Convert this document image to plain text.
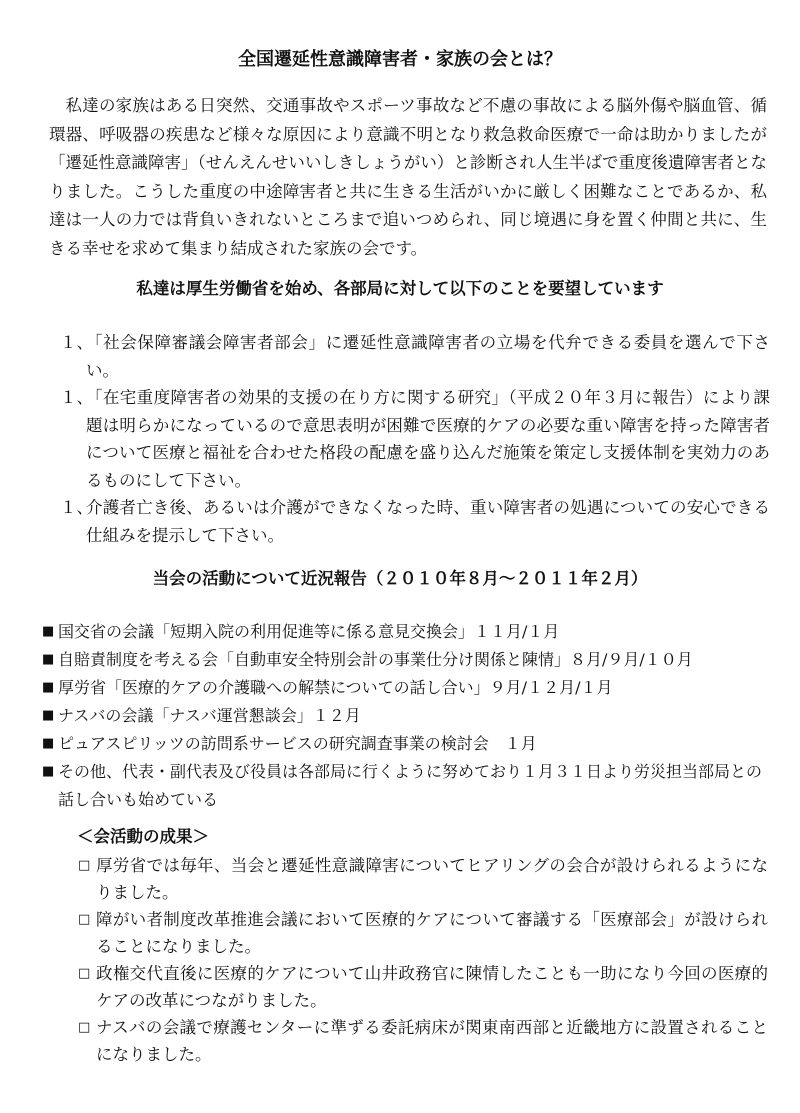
全国遷延性意識障害者・家族の会とは？

私達の家族はある日突然、交通事故やスポーツ事故など不慮の事故による脳外傷や脳血管、循環器、呼吸器の疾患など様々な原因により意識不明となり救急救命医療で一命は助かりましたが「遷延性意識障害」（せんえんせいいしきしょうがい）と診断され人生半ばで重度後遺障害者となりました。こうした重度の中途障害者と共に生きる生活がいかに厳しく困難なことであるか、私達は一人の力では背負いきれないところまで追いつめられ、同じ境遇に身を置く仲間と共に、生きる幸せを求めて集まり結成された家族の会です。

私達は厚生労働省を始め、各部局に対して以下のことを要望しています
１、
「社会保障審議会障害者部会」に遷延性意識障害者の立場を代弁できる委員を選んで下さい。
１、
「在宅重度障害者の効果的支援の在り方に関する研究」（平成２０年３月に報告）により課題は明らかになっているので意思表明が困難で医療的ケアの必要な重い障害を持った障害者について医療と福祉を合わせた格段の配慮を盛り込んだ施策を策定し支援体制を実効力のあるものにして下さい。
１、
介護者亡き後、あるいは介護ができなくなった時、重い障害者の処遇についての安心できる仕組みを提示して下さい。
当会の活動について近況報告（２０１０年８月～２０１１年２月）
■ 国交省の会議「短期入院の利用促進等に係る意見交換会」１１月/１月
■ 自賠責制度を考える会「自動車安全特別会計の事業仕分け関係と陳情」８月/９月/１０月
■ 厚労省「医療的ケアの介護職への解禁についての話し合い」９月/１２月/１月
■ ナスバの会議「ナスバ運営懇談会」１２月
■ ピュアスピリッツの訪問系サービスの研究調査事業の検討会　１月
■ その他、代表・副代表及び役員は各部局に行くように努めており１月３１日より労災担当部局との話し合いも始めている
＜会活動の成果＞
□ 厚労省では毎年、当会と遷延性意識障害についてヒアリングの会合が設けられるようになりました。
□ 障がい者制度改革推進会議において医療的ケアについて審議する「医療部会」が設けられることになりました。
□ 政権交代直後に医療的ケアについて山井政務官に陳情したことも一助になり今回の医療的ケアの改革につながりました。
□ ナスバの会議で療護センターに準ずる委託病床が関東南西部と近畿地方に設置されることになりました。
